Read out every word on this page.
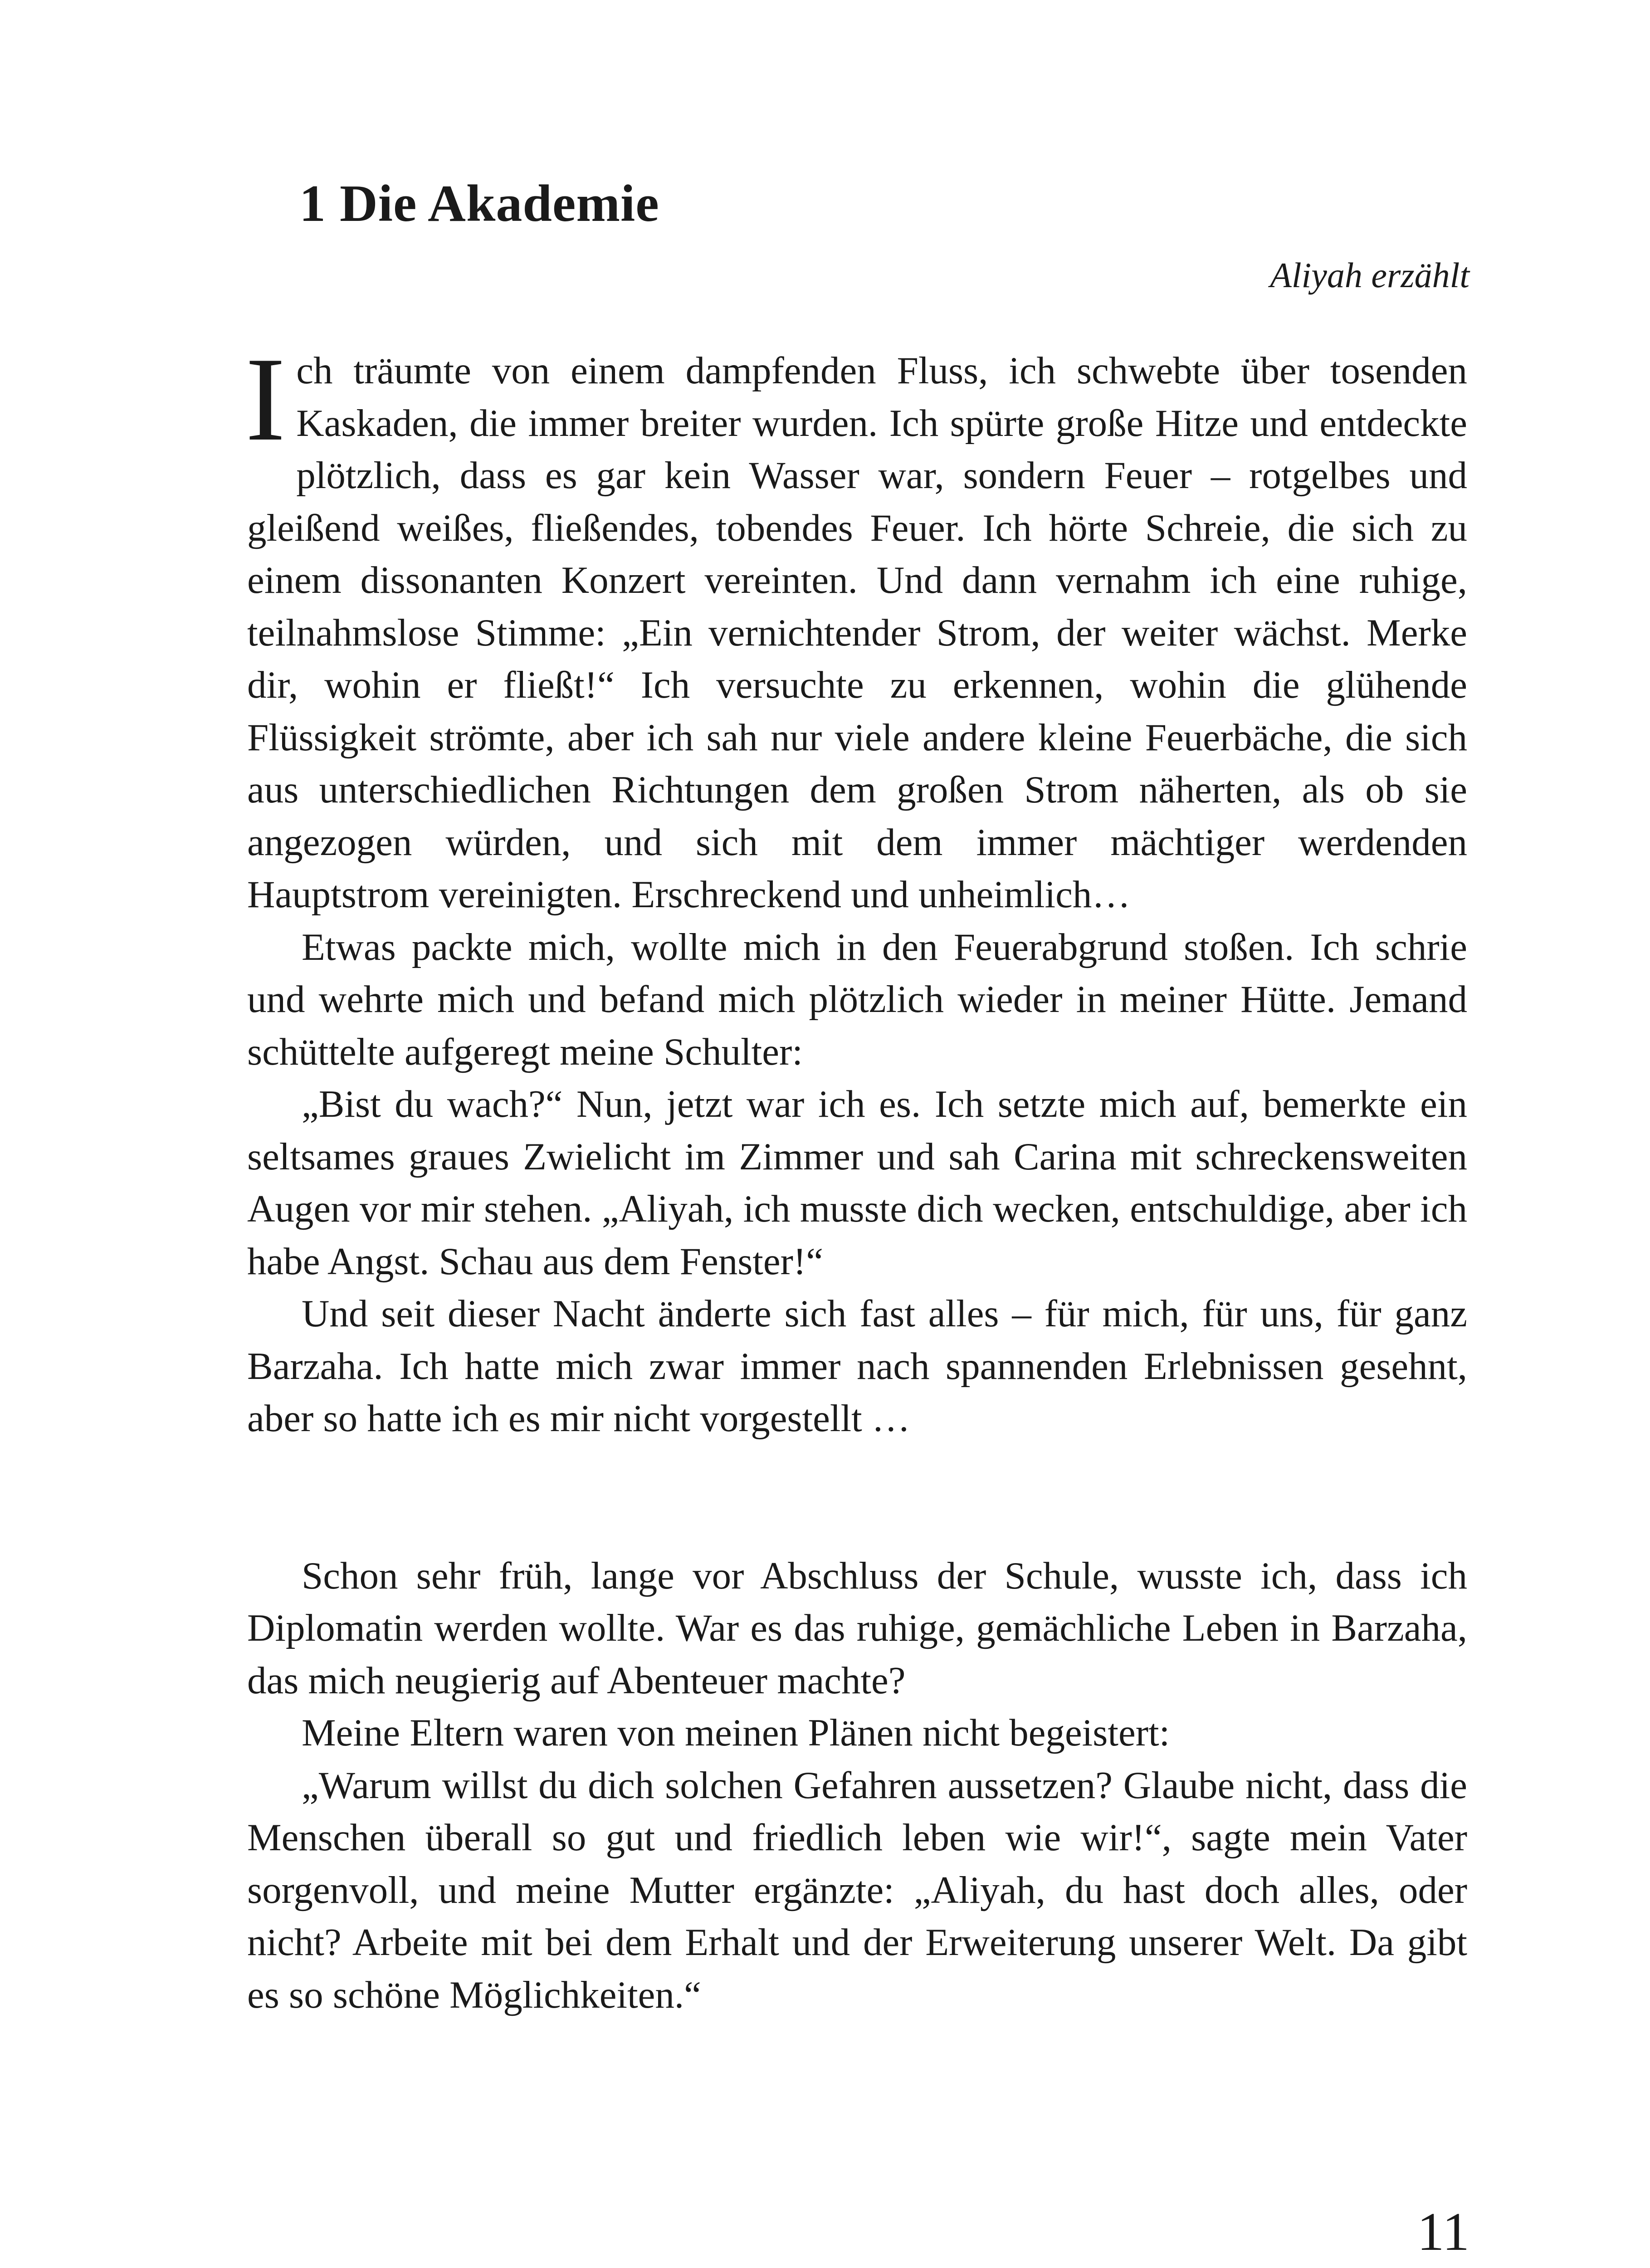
1 Die Akademie
Aliyah erzählt

Ich träumte von einem dampfenden Fluss, ich schwebte über tosenden Kaskaden, die immer breiter wurden. Ich spürte große Hitze und entdeckte plötzlich, dass es gar kein Wasser war, sondern Feuer – rotgelbes und gleißend weißes, fließendes, tobendes Feuer. Ich hörte Schreie, die sich zu einem dissonanten Konzert vereinten. Und dann vernahm ich eine ruhige, teilnahmslose Stimme: „Ein vernichtender Strom, der weiter wächst. Merke dir, wohin er fließt!“ Ich versuchte zu erkennen, wohin die glühende Flüssigkeit strömte, aber ich sah nur viele andere kleine Feuerbäche, die sich aus unterschiedlichen Richtungen dem großen Strom näherten, als ob sie angezogen würden, und sich mit dem immer mächtiger werdenden Hauptstrom vereinigten. Erschreckend und unheimlich…

Etwas packte mich, wollte mich in den Feuerabgrund stoßen. Ich schrie und wehrte mich und befand mich plötzlich wieder in meiner Hütte. Jemand schüttelte aufgeregt meine Schulter:

„Bist du wach?“ Nun, jetzt war ich es. Ich setzte mich auf, bemerkte ein seltsames graues Zwielicht im Zimmer und sah Carina mit schreckensweiten Augen vor mir stehen. „Aliyah, ich musste dich wecken, entschuldige, aber ich habe Angst. Schau aus dem Fenster!“

Und seit dieser Nacht änderte sich fast alles – für mich, für uns, für ganz Barzaha. Ich hatte mich zwar immer nach spannenden Erlebnissen gesehnt, aber so hatte ich es mir nicht vorgestellt …

Schon sehr früh, lange vor Abschluss der Schule, wusste ich, dass ich Diplomatin werden wollte. War es das ruhige, gemächliche Leben in Barzaha, das mich neugierig auf Abenteuer machte?

Meine Eltern waren von meinen Plänen nicht begeistert:

„Warum willst du dich solchen Gefahren aussetzen? Glaube nicht, dass die Menschen überall so gut und friedlich leben wie wir!“, sagte mein Vater sorgenvoll, und meine Mutter ergänzte: „Aliyah, du hast doch alles, oder nicht? Arbeite mit bei dem Erhalt und der Erweiterung unserer Welt. Da gibt es so schöne Möglichkeiten.“

11
